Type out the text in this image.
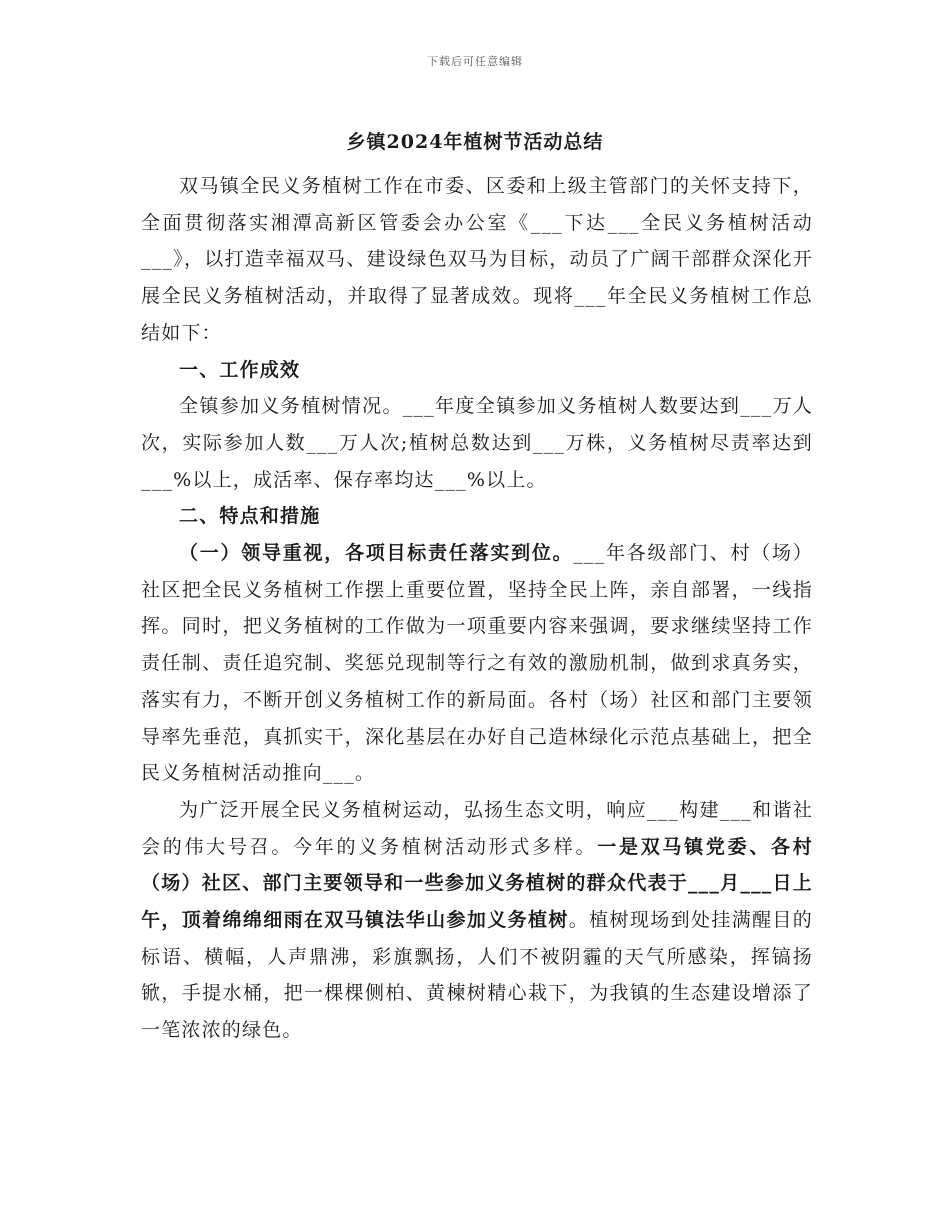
下载后可任意编辑
乡镇2024年植树节活动总结

双马镇全民义务植树工作在市委、区委和上级主管部门的关怀支持下，全面贯彻落实湘潭高新区管委会办公室《___下达___全民义务植树活动___》，以打造幸福双马、建设绿色双马为目标，动员了广阔干部群众深化开展全民义务植树活动，并取得了显著成效。现将___年全民义务植树工作总结如下：

一、工作成效

全镇参加义务植树情况。___年度全镇参加义务植树人数要达到___万人次，实际参加人数___万人次;植树总数达到___万株，义务植树尽责率达到___%以上，成活率、保存率均达___%以上。

二、特点和措施

（一）领导重视，各项目标责任落实到位。___年各级部门、村（场）社区把全民义务植树工作摆上重要位置，坚持全民上阵，亲自部署，一线指挥。同时，把义务植树的工作做为一项重要内容来强调，要求继续坚持工作责任制、责任追究制、奖惩兑现制等行之有效的激励机制，做到求真务实，落实有力，不断开创义务植树工作的新局面。各村（场）社区和部门主要领导率先垂范，真抓实干，深化基层在办好自己造林绿化示范点基础上，把全民义务植树活动推向___。

为广泛开展全民义务植树运动，弘扬生态文明，响应___构建___和谐社会的伟大号召。今年的义务植树活动形式多样。一是双马镇党委、各村（场）社区、部门主要领导和一些参加义务植树的群众代表于___月___日上午，顶着绵绵细雨在双马镇法华山参加义务植树。植树现场到处挂满醒目的标语、横幅，人声鼎沸，彩旗飘扬，人们不被阴霾的天气所感染，挥镐扬锨，手提水桶，把一棵棵侧柏、黄楝树精心栽下，为我镇的生态建设增添了一笔浓浓的绿色。
